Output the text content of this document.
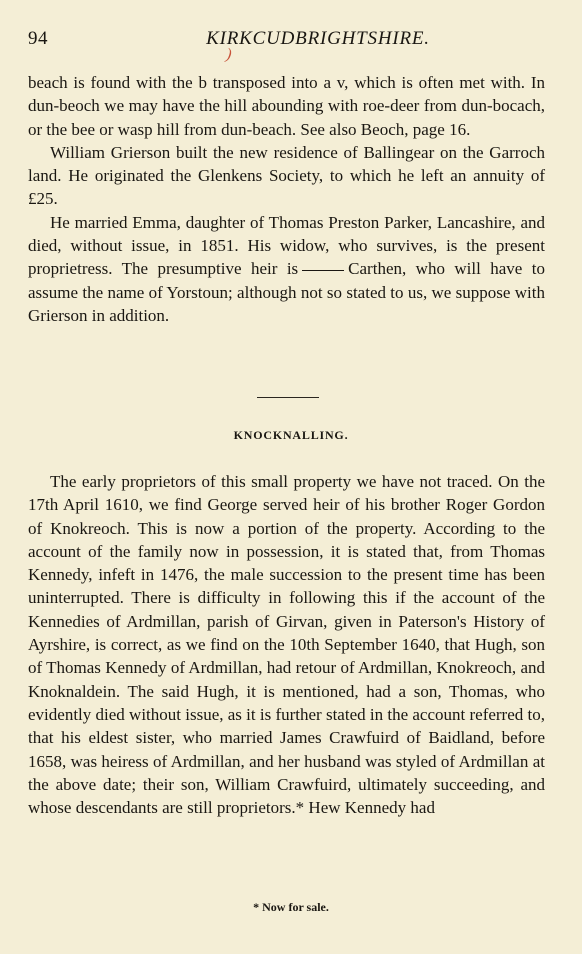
94	KIRKCUDBRIGHTSHIRE.
)

beach is found with the b transposed into a v, which is often met with. In dun-beoch we may have the hill abounding with roe-deer from dun-bocach, or the bee or wasp hill from dun-beach. See also Beoch, page 16.

William Grierson built the new residence of Ballingear on the Garroch land. He originated the Glenkens Society, to which he left an annuity of £25.

He married Emma, daughter of Thomas Preston Parker, Lancashire, and died, without issue, in 1851. His widow, who survives, is the present proprietress. The presumptive heir is	Carthen, who will have to assume the name of Yorstoun; although not so stated to us, we suppose with Grierson in addition.

KNOCKNALLING.

The early proprietors of this small property we have not traced. On the 17th April 1610, we find George served heir of his brother Roger Gordon of Knokreoch. This is now a portion of the property. According to the account of the family now in possession, it is stated that, from Thomas Kennedy, infeft in 1476, the male succession to the present time has been uninterrupted. There is difficulty in following this if the account of the Kennedies of Ardmillan, parish of Girvan, given in Paterson's History of Ayrshire, is correct, as we find on the 10th September 1640, that Hugh, son of Thomas Kennedy of Ardmillan, had retour of Ardmillan, Knokreoch, and Knoknaldein. The said Hugh, it is mentioned, had a son, Thomas, who evidently died without issue, as it is further stated in the account referred to, that his eldest sister, who married James Crawfuird of Baidland, before 1658, was heiress of Ardmillan, and her husband was styled of Ardmillan at the above date; their son, William Crawfuird, ultimately succeeding, and whose descendants are still proprietors.* Hew Kennedy had

* Now for sale.
